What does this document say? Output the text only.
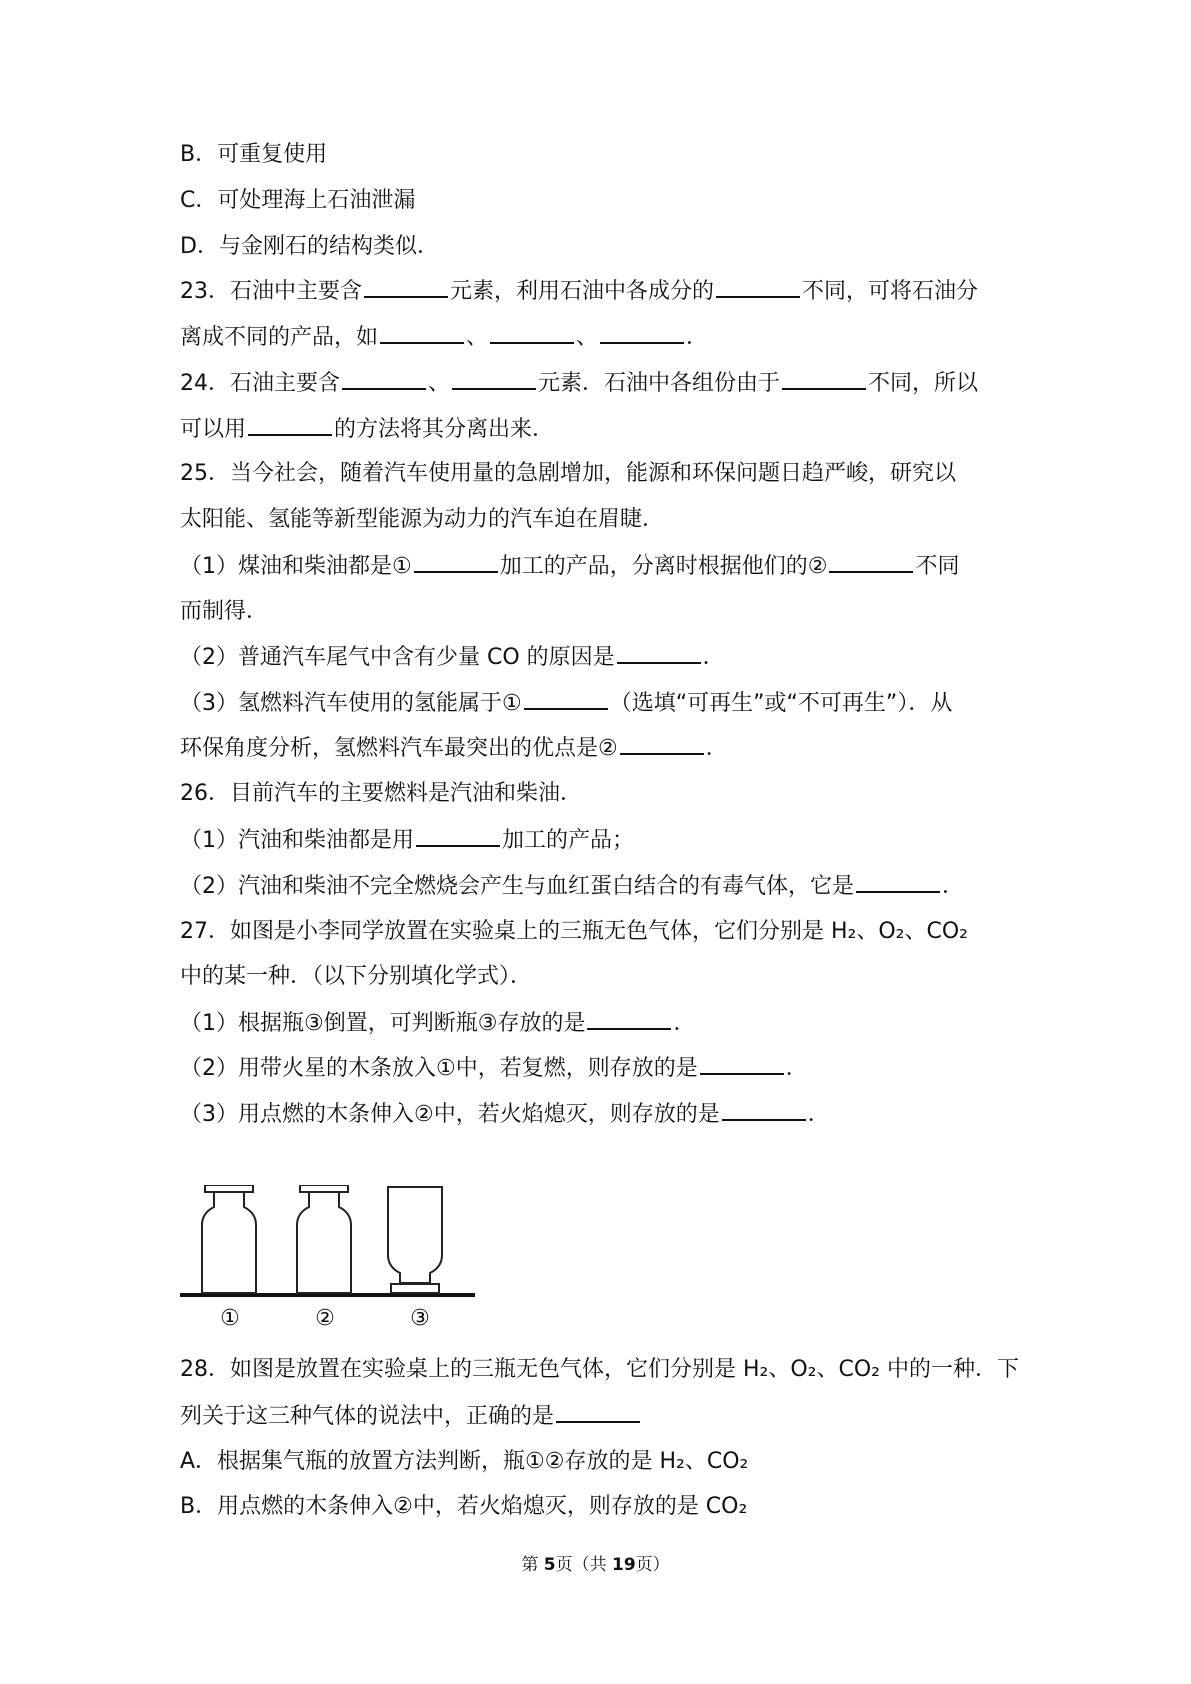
B．可重复使用
C．可处理海上石油泄漏
D．与金刚石的结构类似．
23．石油中主要含	元素，利用石油中各成分的	不同，可将石油分
离成不同的产品，如	、	、	．
24．石油主要含	、	元素．石油中各组份由于	不同，所以
可以用	的方法将其分离出来．
25．当今社会，随着汽车使用量的急剧增加，能源和环保问题日趋严峻，研究以
太阳能、氢能等新型能源为动力的汽车迫在眉睫．
（1）煤油和柴油都是①	加工的产品，分离时根据他们的②	不同
而制得．
（2）普通汽车尾气中含有少量 CO 的原因是	．
（3）氢燃料汽车使用的氢能属于①	（选填“可再生”或“不可再生”）．从
环保角度分析，氢燃料汽车最突出的优点是②	．
26．目前汽车的主要燃料是汽油和柴油．
（1）汽油和柴油都是用	加工的产品；
（2）汽油和柴油不完全燃烧会产生与血红蛋白结合的有毒气体，它是	．
27．如图是小李同学放置在实验桌上的三瓶无色气体，它们分别是 H₂、O₂、CO₂
中的某一种．（以下分别填化学式）．
（1）根据瓶③倒置，可判断瓶③存放的是	．
（2）用带火星的木条放入①中，若复燃，则存放的是	．
（3）用点燃的木条伸入②中，若火焰熄灭，则存放的是	．
28．如图是放置在实验桌上的三瓶无色气体，它们分别是 H₂、O₂、CO₂ 中的一种．下
列关于这三种气体的说法中，正确的是
A．根据集气瓶的放置方法判断，瓶①②存放的是 H₂、CO₂
B．用点燃的木条伸入②中，若火焰熄灭，则存放的是 CO₂
①	②	③
第 5页（共 19页）
